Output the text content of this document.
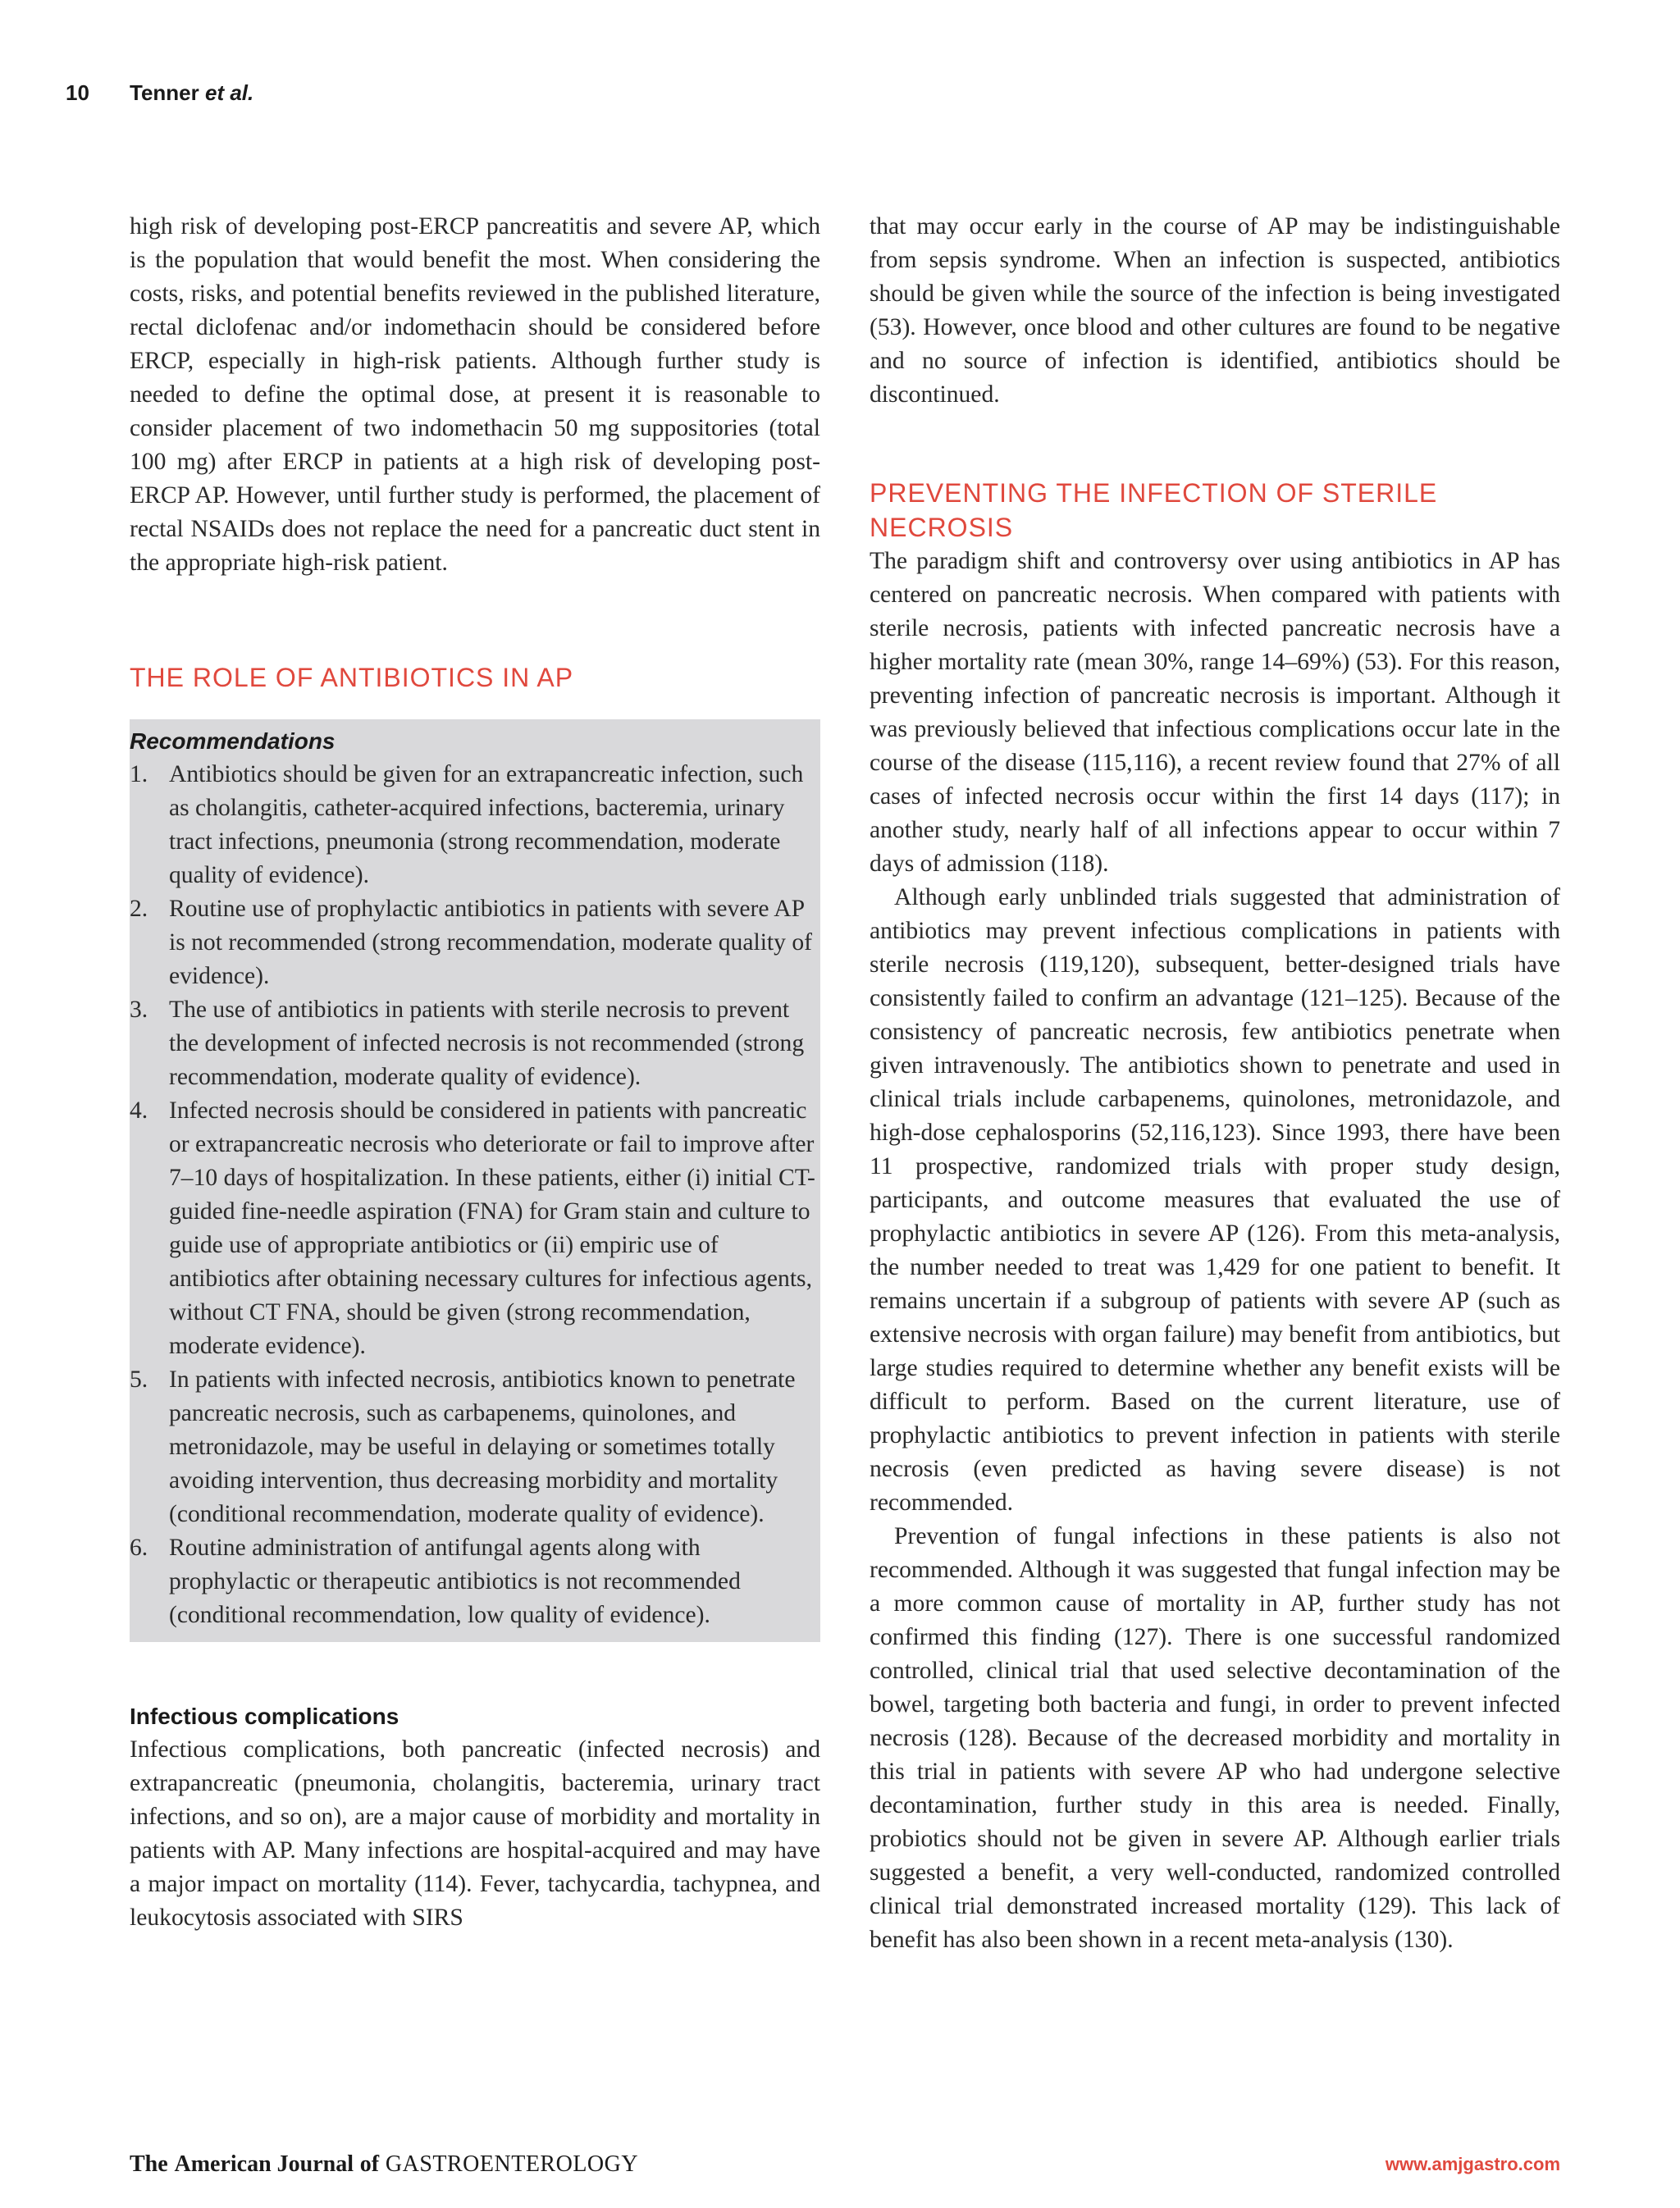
10 Tenner et al.

high risk of developing post-ERCP pancreatitis and severe AP, which is the population that would benefit the most. When considering the costs, risks, and potential benefits reviewed in the published literature, rectal diclofenac and/or indomethacin should be considered before ERCP, especially in high-risk patients. Although further study is needed to define the optimal dose, at present it is reasonable to consider placement of two indomethacin 50 mg suppositories (total 100 mg) after ERCP in patients at a high risk of developing post-ERCP AP. However, until further study is performed, the placement of rectal NSAIDs does not replace the need for a pancreatic duct stent in the appropriate high-risk patient.

THE ROLE OF ANTIBIOTICS IN AP
Recommendations
1. Antibiotics should be given for an extrapancreatic infection, such as cholangitis, catheter-acquired infections, bacteremia, urinary tract infections, pneumonia (strong recommendation, moderate quality of evidence).
2. Routine use of prophylactic antibiotics in patients with severe AP is not recommended (strong recommendation, moderate quality of evidence).
3. The use of antibiotics in patients with sterile necrosis to prevent the development of infected necrosis is not recommended (strong recommendation, moderate quality of evidence).
4. Infected necrosis should be considered in patients with pancreatic or extrapancreatic necrosis who deteriorate or fail to improve after 7–10 days of hospitalization. In these patients, either (i) initial CT-guided fine-needle aspiration (FNA) for Gram stain and culture to guide use of appropriate antibiotics or (ii) empiric use of antibiotics after obtaining necessary cultures for infectious agents, without CT FNA, should be given (strong recommendation, moderate evidence).
5. In patients with infected necrosis, antibiotics known to penetrate pancreatic necrosis, such as carbapenems, quinolones, and metronidazole, may be useful in delaying or sometimes totally avoiding intervention, thus decreasing morbidity and mortality (conditional recommendation, moderate quality of evidence).
6. Routine administration of antifungal agents along with prophylactic or therapeutic antibiotics is not recommended (conditional recommendation, low quality of evidence).
Infectious complications

Infectious complications, both pancreatic (infected necrosis) and extrapancreatic (pneumonia, cholangitis, bacteremia, urinary tract infections, and so on), are a major cause of morbidity and mortality in patients with AP. Many infections are hospital-acquired and may have a major impact on mortality (114). Fever, tachycardia, tachypnea, and leukocytosis associated with SIRS

that may occur early in the course of AP may be indistinguishable from sepsis syndrome. When an infection is suspected, antibiotics should be given while the source of the infection is being investigated (53). However, once blood and other cultures are found to be negative and no source of infection is identified, antibiotics should be discontinued.

PREVENTING THE INFECTION OF STERILE NECROSIS

The paradigm shift and controversy over using antibiotics in AP has centered on pancreatic necrosis. When compared with patients with sterile necrosis, patients with infected pancreatic necrosis have a higher mortality rate (mean 30%, range 14–69%) (53). For this reason, preventing infection of pancreatic necrosis is important. Although it was previously believed that infectious complications occur late in the course of the disease (115,116), a recent review found that 27% of all cases of infected necrosis occur within the first 14 days (117); in another study, nearly half of all infections appear to occur within 7 days of admission (118).

Although early unblinded trials suggested that administration of antibiotics may prevent infectious complications in patients with sterile necrosis (119,120), subsequent, better-designed trials have consistently failed to confirm an advantage (121–125). Because of the consistency of pancreatic necrosis, few antibiotics penetrate when given intravenously. The antibiotics shown to penetrate and used in clinical trials include carbapenems, quinolones, metronidazole, and high-dose cephalosporins (52,116,123). Since 1993, there have been 11 prospective, randomized trials with proper study design, participants, and outcome measures that evaluated the use of prophylactic antibiotics in severe AP (126). From this meta-analysis, the number needed to treat was 1,429 for one patient to benefit. It remains uncertain if a subgroup of patients with severe AP (such as extensive necrosis with organ failure) may benefit from antibiotics, but large studies required to determine whether any benefit exists will be difficult to perform. Based on the current literature, use of prophylactic antibiotics to prevent infection in patients with sterile necrosis (even predicted as having severe disease) is not recommended.

Prevention of fungal infections in these patients is also not recommended. Although it was suggested that fungal infection may be a more common cause of mortality in AP, further study has not confirmed this finding (127). There is one successful randomized controlled, clinical trial that used selective decontamination of the bowel, targeting both bacteria and fungi, in order to prevent infected necrosis (128). Because of the decreased morbidity and mortality in this trial in patients with severe AP who had undergone selective decontamination, further study in this area is needed. Finally, probiotics should not be given in severe AP. Although earlier trials suggested a benefit, a very well-conducted, randomized controlled clinical trial demonstrated increased mortality (129). This lack of benefit has also been shown in a recent meta-analysis (130).

The American Journal of GASTROENTEROLOGY	www.amjgastro.com
